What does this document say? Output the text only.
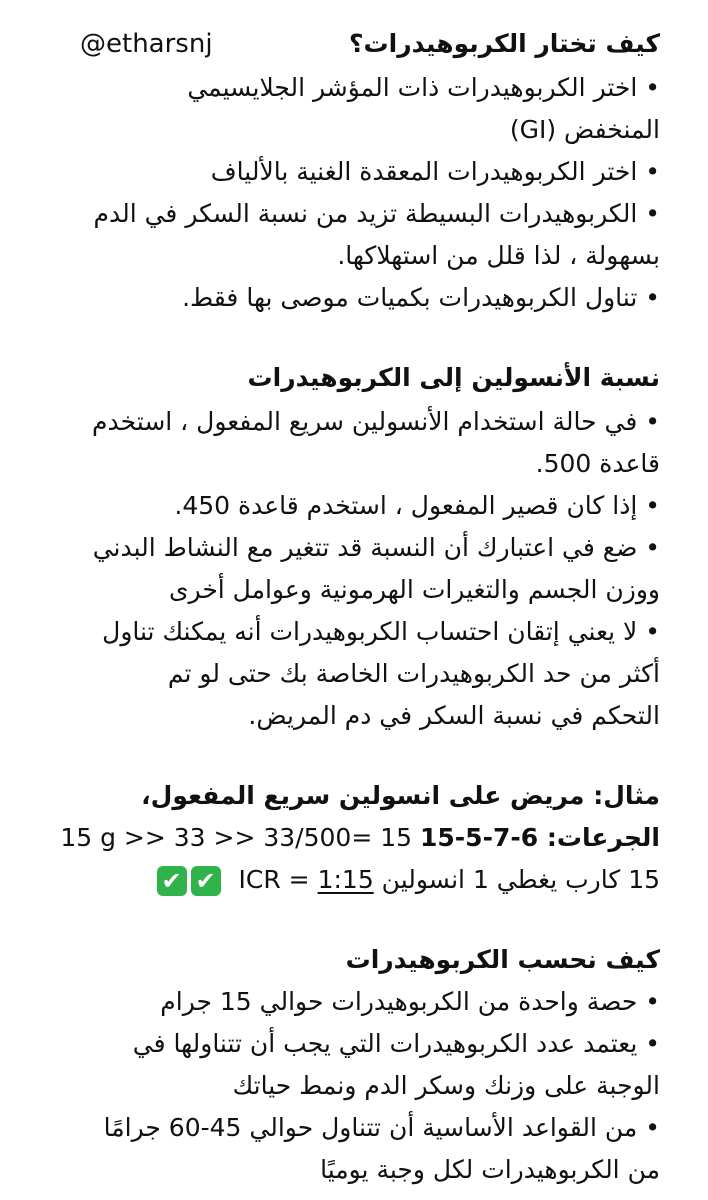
@etharsnj	كيف تختار الكربوهيدرات؟
• اختر الكربوهيدرات ذات المؤشر الجلايسيمي
المنخفض (GI)
• اختر الكربوهيدرات المعقدة الغنية بالألياف
• الكربوهيدرات البسيطة تزيد من نسبة السكر في الدم
بسهولة ، لذا قلل من استهلاكها.
• تناول الكربوهيدرات بكميات موصى بها فقط.
نسبة الأنسولين إلى الكربوهيدرات
• في حالة استخدام الأنسولين سريع المفعول ، استخدم
قاعدة 500.
• إذا كان قصير المفعول ، استخدم قاعدة 450.
• ضع في اعتبارك أن النسبة قد تتغير مع النشاط البدني
ووزن الجسم والتغيرات الهرمونية وعوامل أخرى
• لا يعني إتقان احتساب الكربوهيدرات أنه يمكنك تناول
أكثر من حد الكربوهيدرات الخاصة بك حتى لو تم
التحكم في نسبة السكر في دم المريض.
مثال: مريض على انسولين سريع المفعول،
الجرعات: 6-7-5-15 >> 33 >> 33/500= 15 15 g
15 كارب يغطي 1 انسولين ICR = 1:15 ✔✔
كيف نحسب الكربوهيدرات
• حصة واحدة من الكربوهيدرات حوالي 15 جرام
• يعتمد عدد الكربوهيدرات التي يجب أن تتناولها في
الوجبة على وزنك وسكر الدم ونمط حياتك
• من القواعد الأساسية أن تتناول حوالي 45-60 جرامًا
من الكربوهيدرات لكل وجبة يوميًا
